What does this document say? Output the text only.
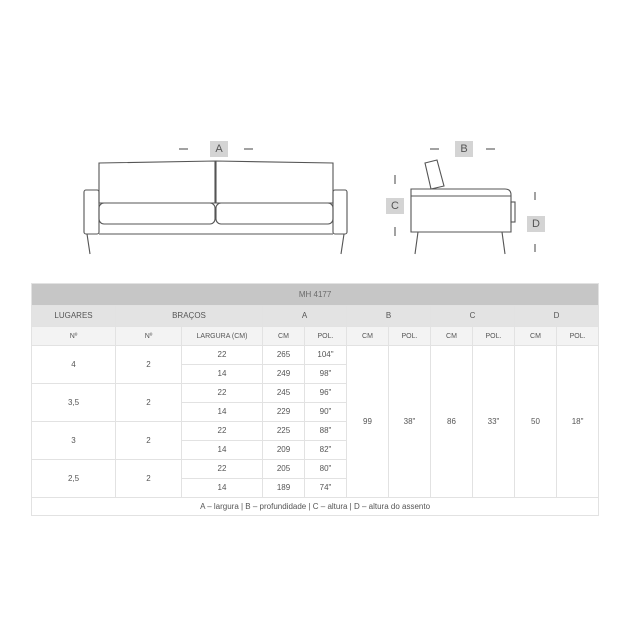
A	B
C
D
MH 4177										
LUGARES	BRAÇOS		A		B		C		D	
Nº	Nº	LARGURA (CM)	CM	POL.	CM	POL.	CM	POL.	CM	POL.
4	2	22	265	104"	99	38"	86	33"	50	18"
		14	249	98"						
3,5	2	22	245	96"						
		14	229	90"						
3	2	22	225	88"						
		14	209	82"						
2,5	2	22	205	80"						
		14	189	74"						
A – largura | B – profundidade | C – altura | D – altura do assento										
